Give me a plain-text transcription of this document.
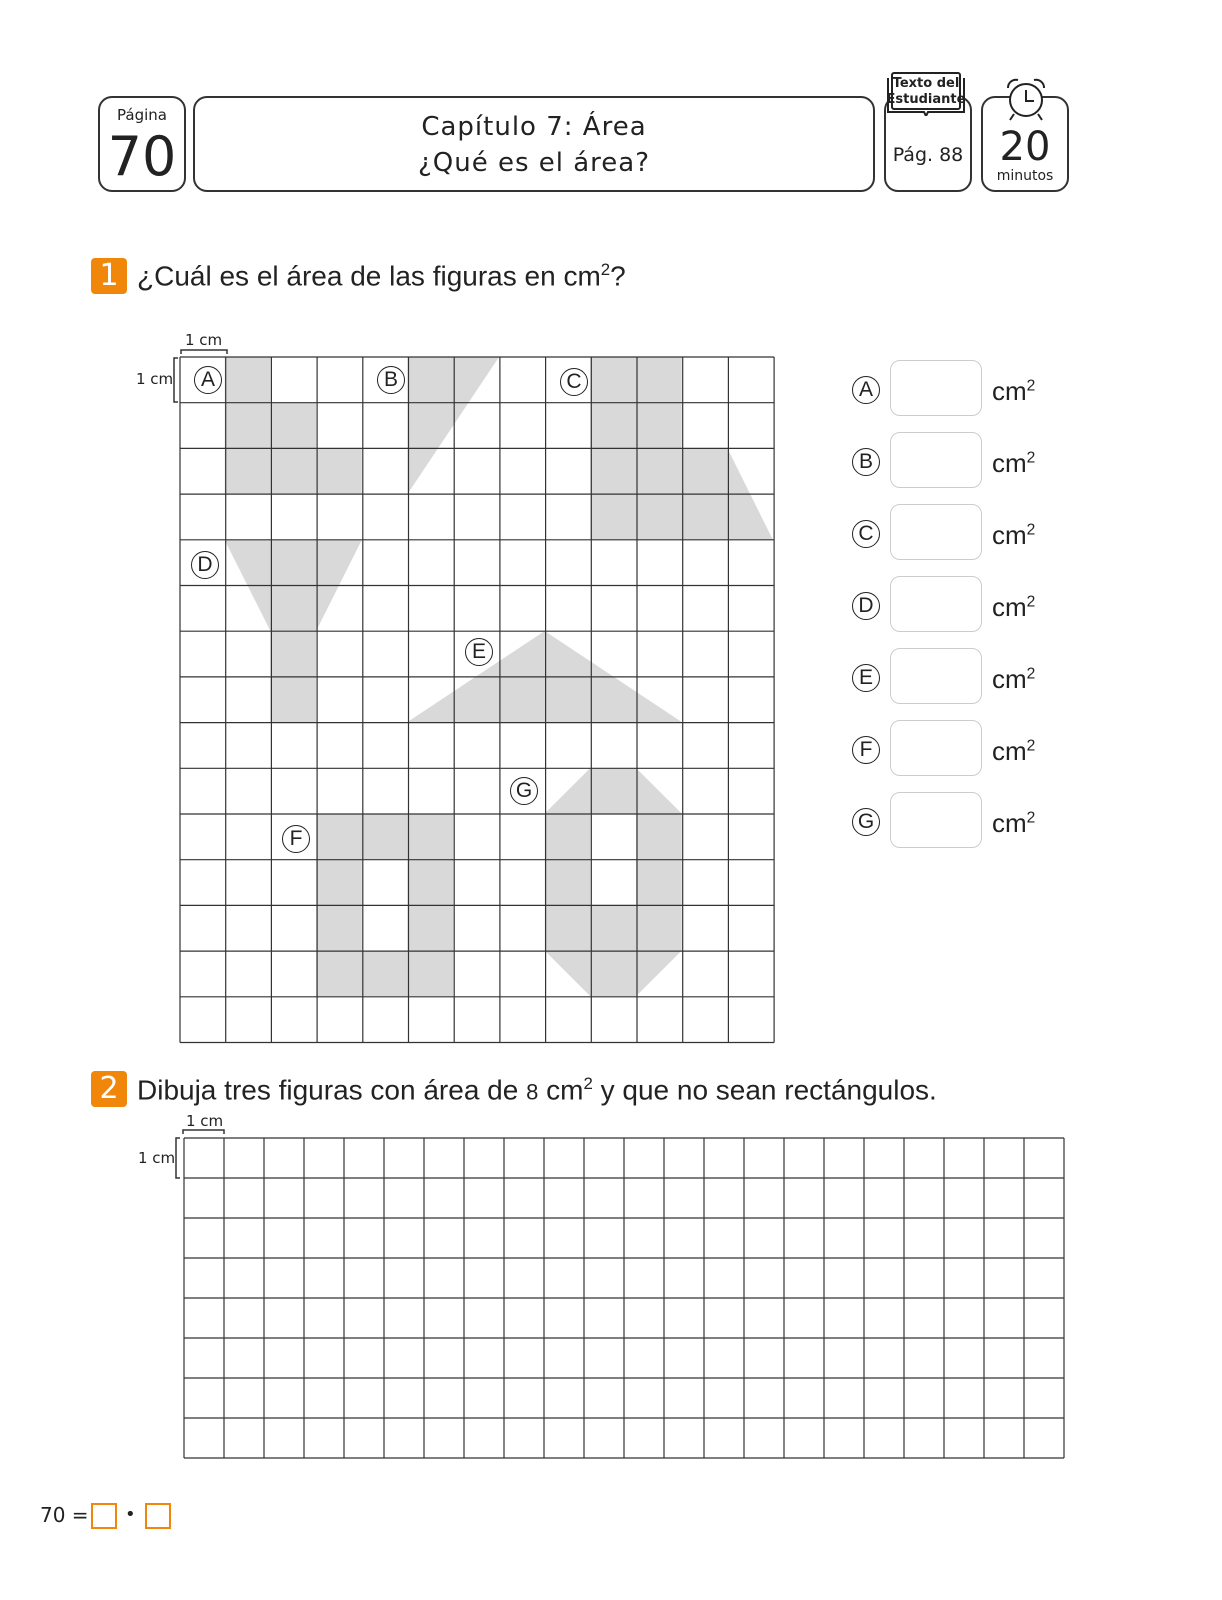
Página
70	Capítulo 7: Área
¿Qué es el área?	Pág. 88
Texto del
Estudiante
20
minutos
1 ¿Cuál es el área de las figuras en $cm^2$?
1 cm
1 cm	A	B	C
D
E
F
G
A	$cm^2$
B	$cm^2$
C	$cm^2$
D	$cm^2$
E	$cm^2$
F	$cm^2$
G	$cm^2$
2 Dibuja tres figuras con área de 8 $cm^2$ y que no sean rectángulos.
1 cm
1 cm
70 = •
